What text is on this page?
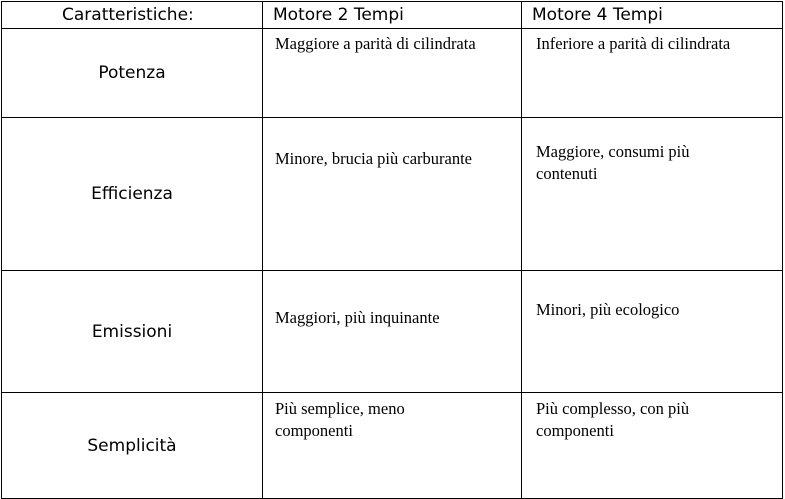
Caratteristiche:	Motore 2 Tempi	Motore 4 Tempi
Potenza	Maggiore a parità di cilindrata	Inferiore a parità di cilindrata

Efficienza	Minore, brucia più carburante	Maggiore, consumi più contenuti

Emissioni	Maggiori, più inquinante	Minori, più ecologico

Semplicità	Più semplice, meno componenti	Più complesso, con più componenti
